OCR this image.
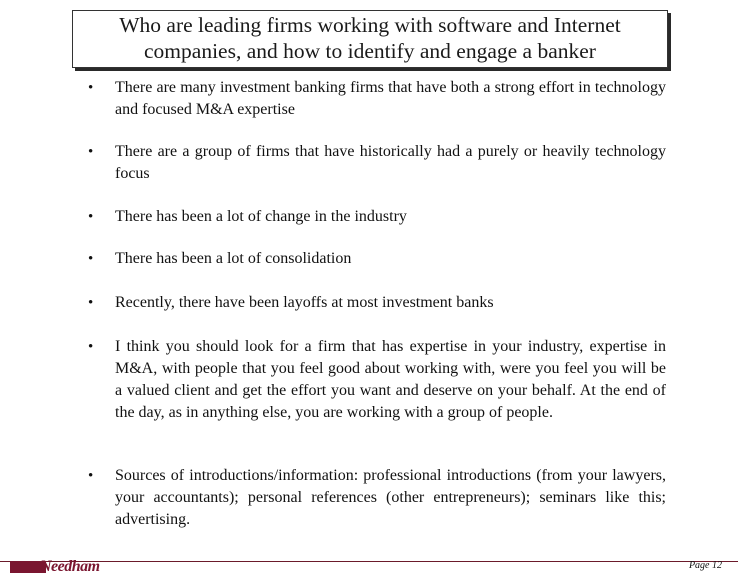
Who are leading firms working with software and Internet
companies, and how to identify and engage a banker
• There are many investment banking firms that have both a strong effort in technology and focused M&A expertise
• There are a group of firms that have historically had a purely or heavily technology focus
• There has been a lot of change in the industry
• There has been a lot of consolidation
• Recently, there have been layoffs at most investment banks
• I think you should look for a firm that has expertise in your industry, expertise in M&A, with people that you feel good about working with, were you feel you will be a valued client and get the effort you want and deserve on your behalf. At the end of the day, as in anything else, you are working with a group of people.
• Sources of introductions/information: professional introductions (from your lawyers, your accountants); personal references (other entrepreneurs); seminars like this; advertising.
Needham	Page 12
